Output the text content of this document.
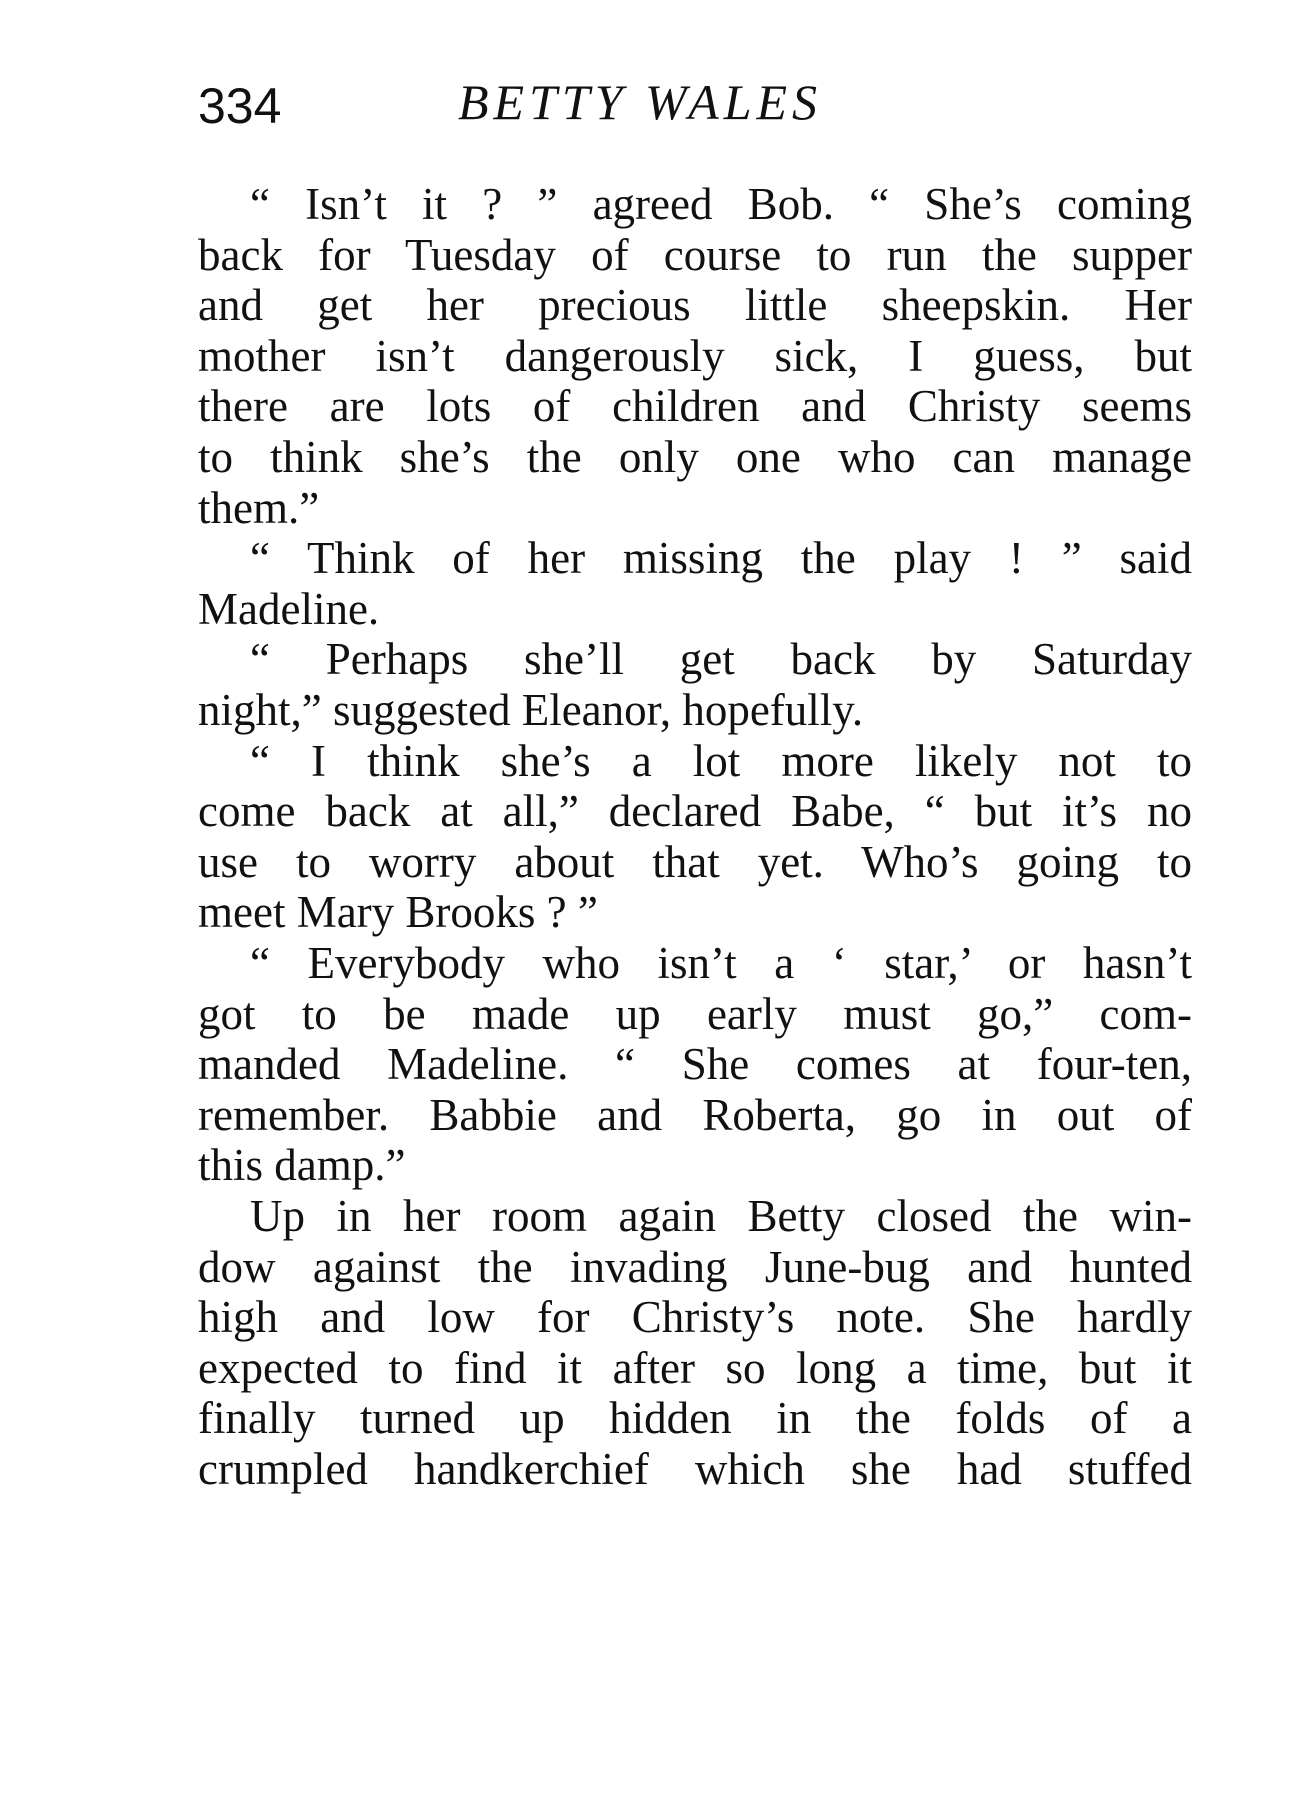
334	BETTY WALES
“ Isn’t it ? ” agreed Bob. “ She’s coming
back for Tuesday of course to run the supper
and get her precious little sheepskin. Her
mother isn’t dangerously sick, I guess, but
there are lots of children and Christy seems
to think she’s the only one who can manage
them.”
“ Think of her missing the play ! ” said
Madeline.
“ Perhaps she’ll get back by Saturday
night,” suggested Eleanor, hopefully.
“ I think she’s a lot more likely not to
come back at all,” declared Babe, “ but it’s no
use to worry about that yet. Who’s going to
meet Mary Brooks ? ”
“ Everybody who isn’t a ‘ star,’ or hasn’t
got to be made up early must go,” com-
manded Madeline. “ She comes at four-ten,
remember. Babbie and Roberta, go in out of
this damp.”
Up in her room again Betty closed the win-
dow against the invading June-bug and hunted
high and low for Christy’s note. She hardly
expected to find it after so long a time, but it
finally turned up hidden in the folds of a
crumpled handkerchief which she had stuffed
